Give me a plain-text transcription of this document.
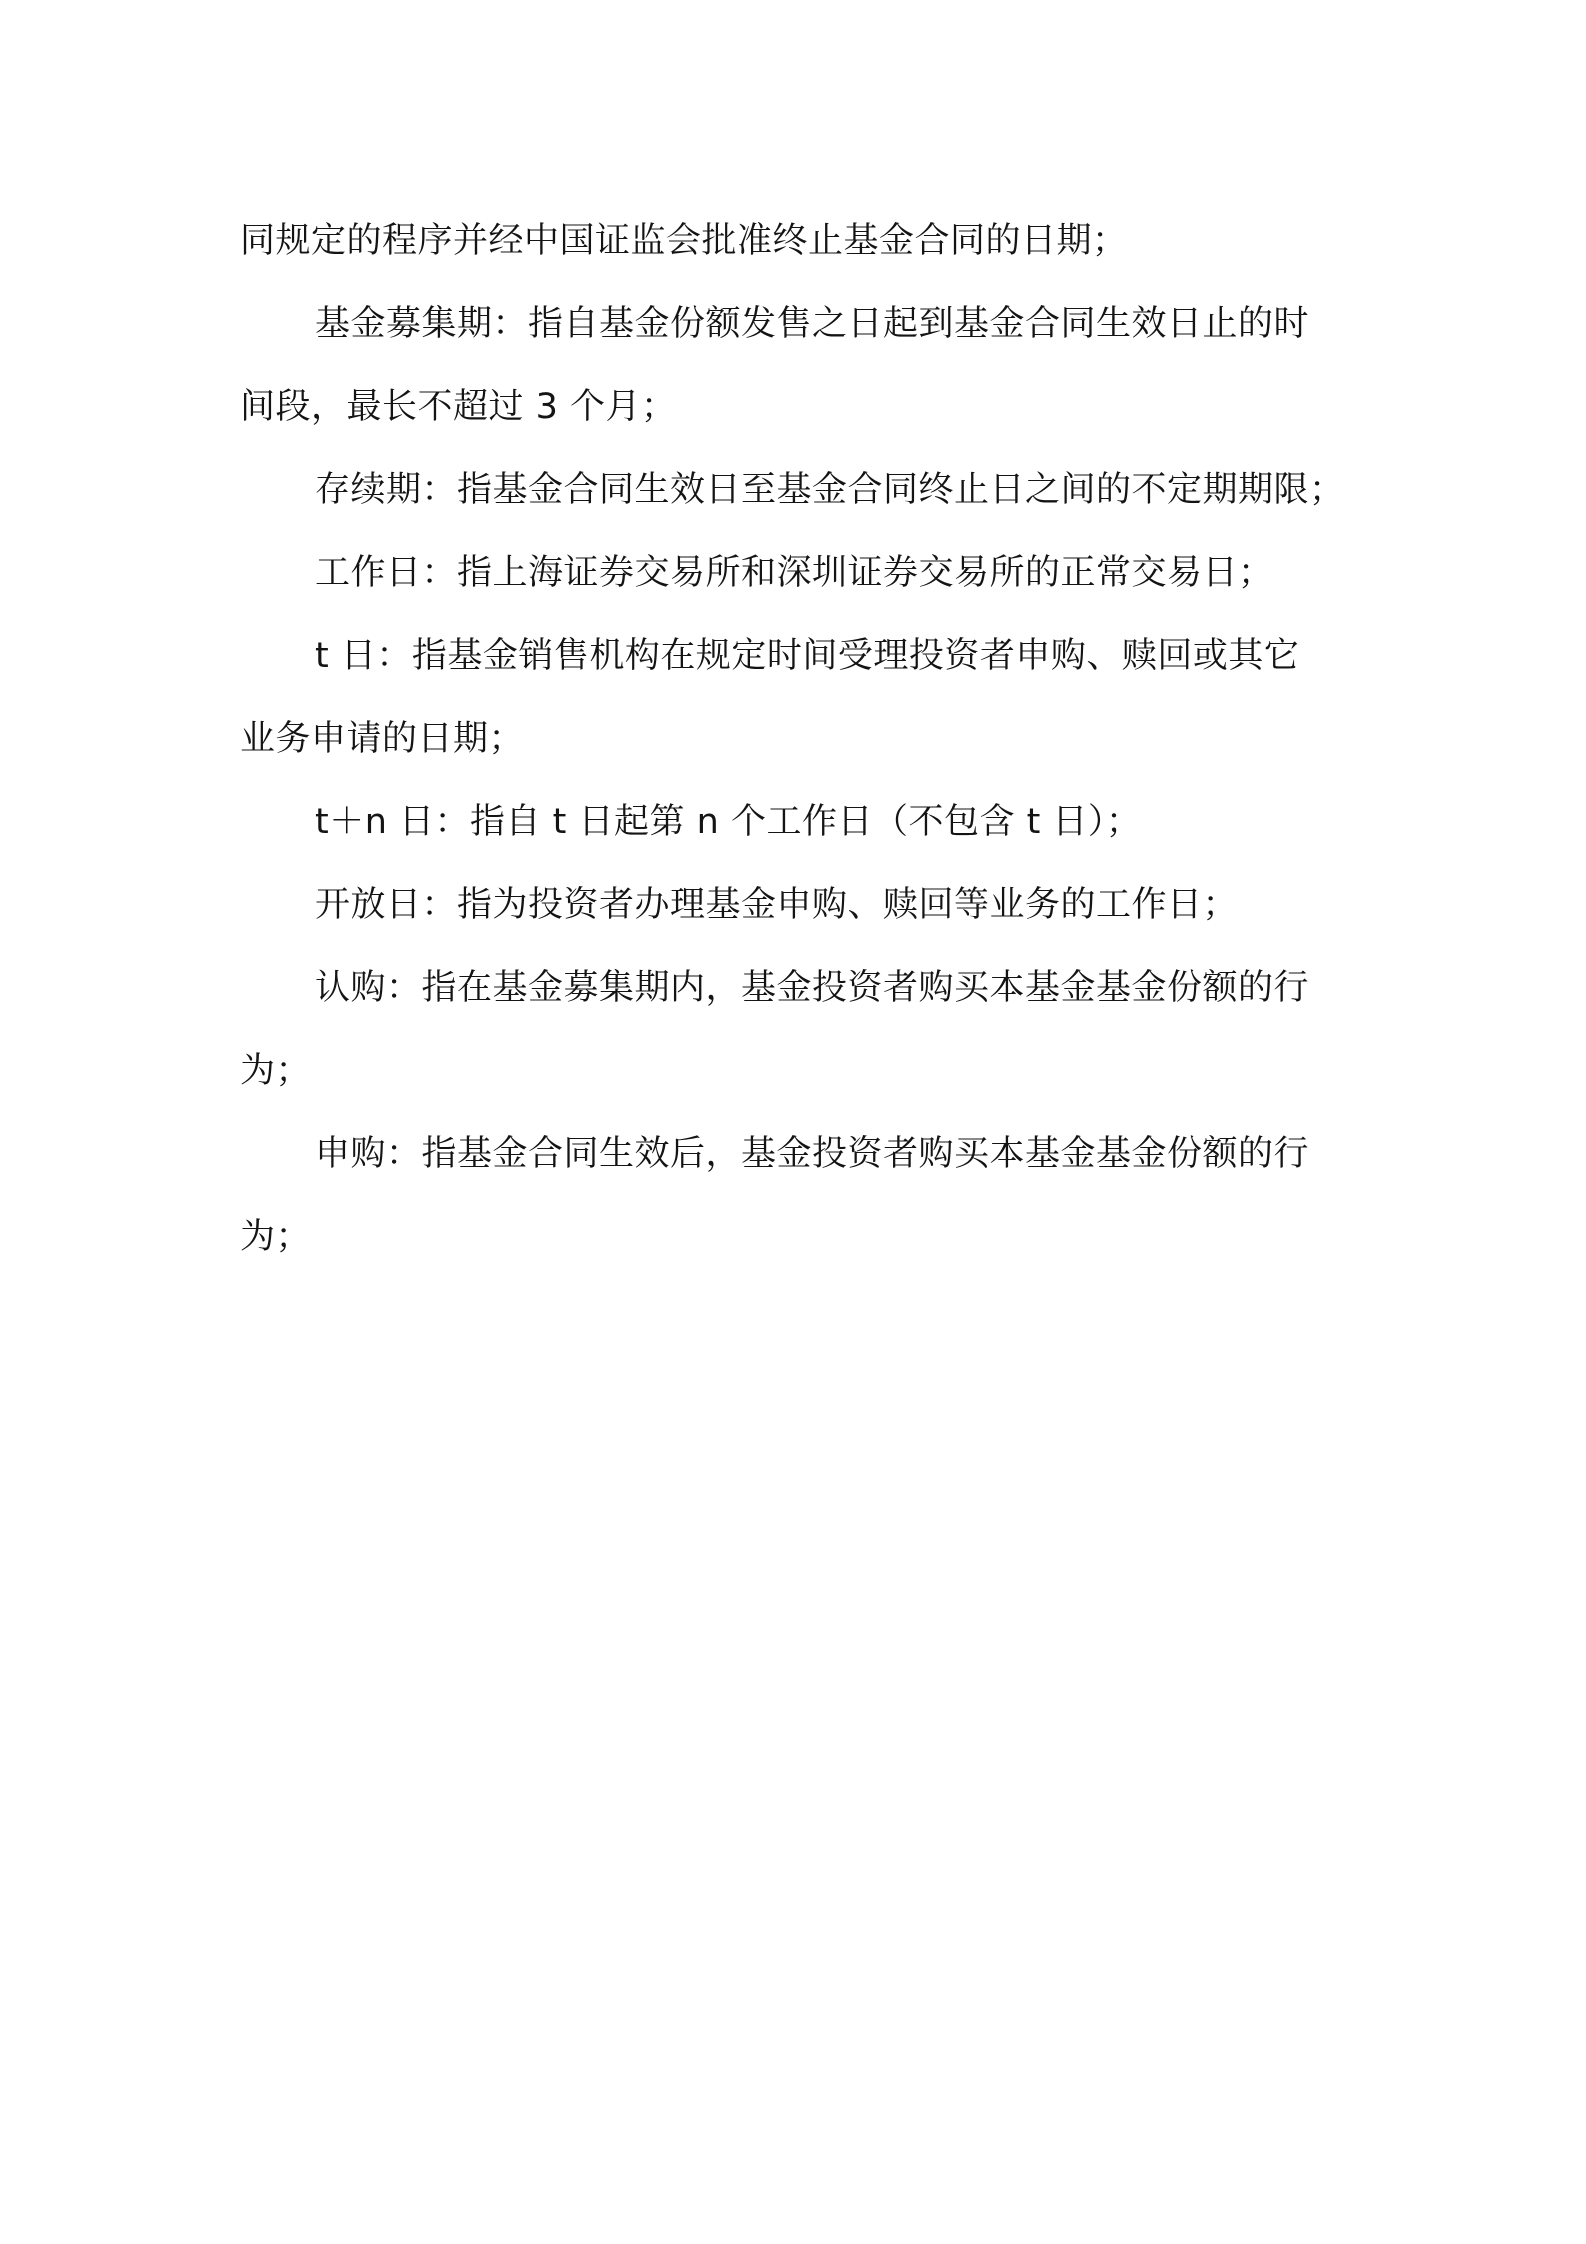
同规定的程序并经中国证监会批准终止基金合同的日期；

基金募集期：指自基金份额发售之日起到基金合同生效日止的时

间段，最长不超过 3 个月；

存续期：指基金合同生效日至基金合同终止日之间的不定期期限；

工作日：指上海证券交易所和深圳证券交易所的正常交易日；

t 日：指基金销售机构在规定时间受理投资者申购、赎回或其它

业务申请的日期；

t＋n 日：指自 t 日起第 n 个工作日（不包含 t 日）；

开放日：指为投资者办理基金申购、赎回等业务的工作日；

认购：指在基金募集期内，基金投资者购买本基金基金份额的行

为；

申购：指基金合同生效后，基金投资者购买本基金基金份额的行

为；
